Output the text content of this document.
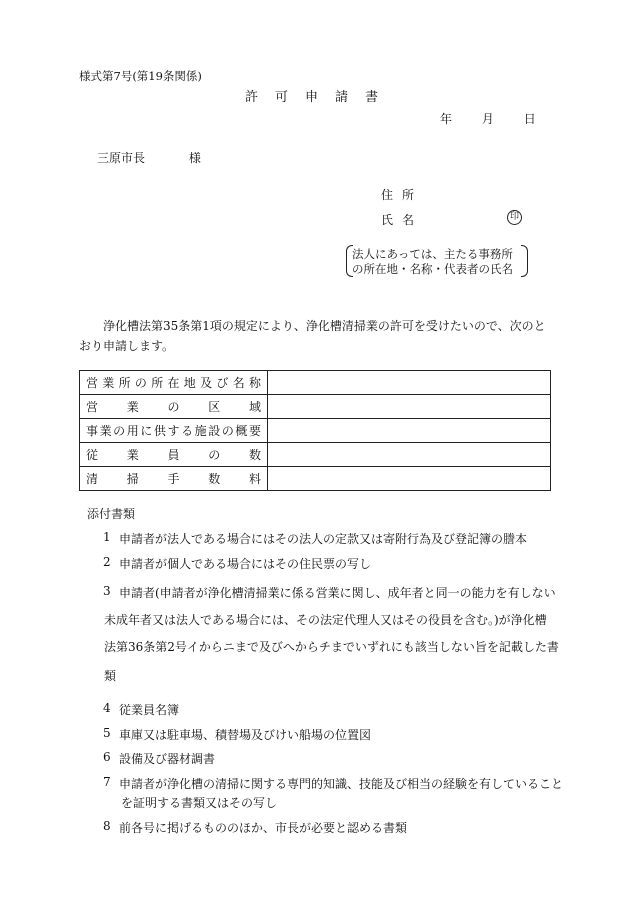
様式第7号(第19条関係)
許可申請書
年 月 日
三原市長	様
住所
氏名	印
法人にあっては、主たる事務所
の所在地・名称・代表者の氏名
浄化槽法第35条第1項の規定により、浄化槽清掃業の許可を受けたいので、次のとおり申請します。
営業所の所在地及び名称	
営業の区域	
事業の用に供する施設の概要	
従業員の数	
清掃手数料	
添付書類
1 申請者が法人である場合にはその法人の定款又は寄附行為及び登記簿の謄本
2 申請者が個人である場合にはその住民票の写し
3 申請者(申請者が浄化槽清掃業に係る営業に関し、成年者と同一の能力を有しない
未成年者又は法人である場合には、その法定代理人又はその役員を含む。)が浄化槽
法第36条第2号イからニまで及びへからチまでいずれにも該当しない旨を記載した書
類
4 従業員名簿
5 車庫又は駐車場、積替場及びけい船場の位置図
6 設備及び器材調書
7 申請者が浄化槽の清掃に関する専門的知識、技能及び相当の経験を有していること
を証明する書類又はその写し
8 前各号に掲げるもののほか、市長が必要と認める書類
